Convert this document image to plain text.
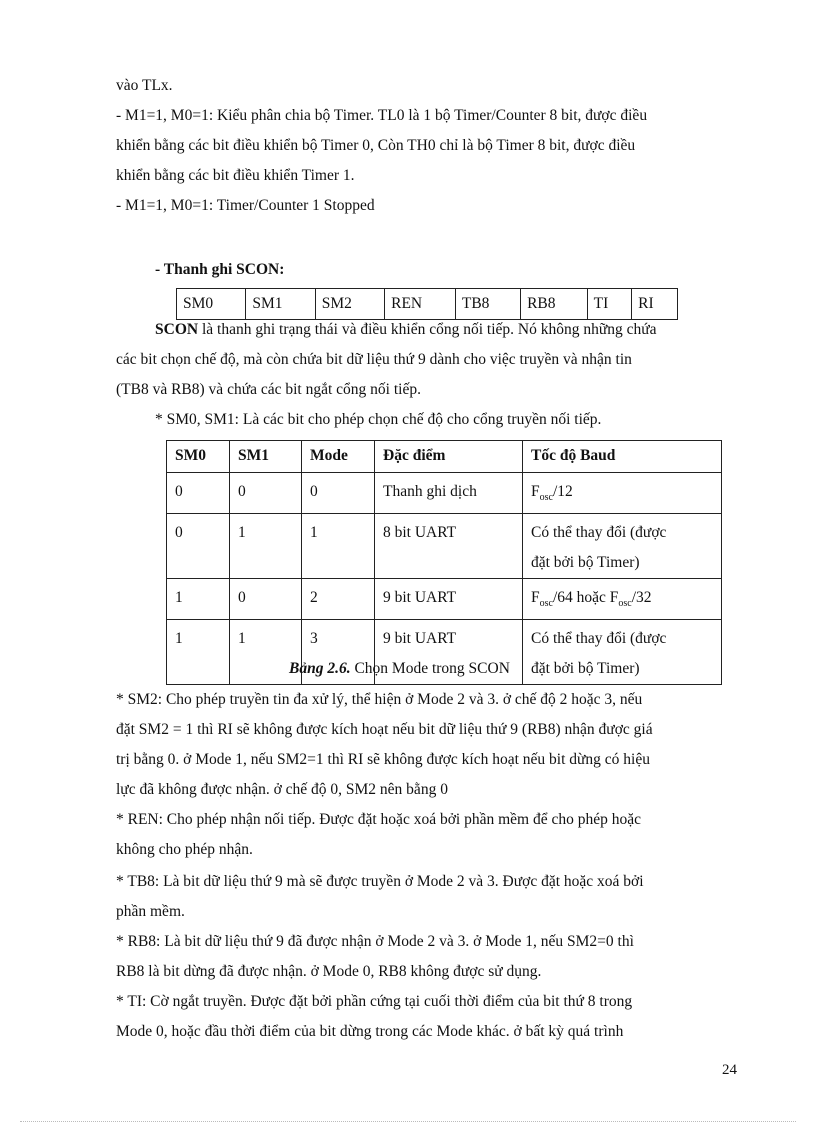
vào TLx.
- M1=1, M0=1: Kiểu phân chia bộ Timer. TL0 là 1 bộ Timer/Counter 8 bit, được điều
khiển bằng các bit điều khiển bộ Timer 0, Còn TH0 chỉ là bộ Timer 8 bit, được điều
khiển bằng các bit điều khiển Timer 1.
- M1=1, M0=1: Timer/Counter 1 Stopped
- Thanh ghi SCON:
SM0	SM1	SM2	REN	TB8	RB8	TI	RI
SCON là thanh ghi trạng thái và điều khiển cổng nối tiếp. Nó không những chứa
các bit chọn chế độ, mà còn chứa bit dữ liệu thứ 9 dành cho việc truyền và nhận tin
(TB8 và RB8) và chứa các bit ngắt cổng nối tiếp.
* SM0, SM1: Là các bit cho phép chọn chế độ cho cổng truyền nối tiếp.
SM0	SM1	Mode	Đặc điểm	Tốc độ Baud
0	0	0	Thanh ghi dịch	$F_{osc}/12$
0	1	1	8 bit UART	Có thể thay đổi (được
đặt bởi bộ Timer)
1	0	2	9 bit UART	$F_{osc}/64$ hoặc $F_{osc}/32$
1	1	3	9 bit UART	Có thể thay đổi (được
đặt bởi bộ Timer)
Bảng 2.6. Chọn Mode trong SCON
* SM2: Cho phép truyền tin đa xử lý, thể hiện ở Mode 2 và 3. ở chế độ 2 hoặc 3, nếu
đặt SM2 = 1 thì RI sẽ không được kích hoạt nếu bit dữ liệu thứ 9 (RB8) nhận được giá
trị bằng 0. ở Mode 1, nếu SM2=1 thì RI sẽ không được kích hoạt nếu bit dừng có hiệu
lực đã không được nhận. ở chế độ 0, SM2 nên bằng 0
* REN: Cho phép nhận nối tiếp. Được đặt hoặc xoá bởi phần mềm để cho phép hoặc
không cho phép nhận.
* TB8: Là bit dữ liệu thứ 9 mà sẽ được truyền ở Mode 2 và 3. Được đặt hoặc xoá bởi
phần mềm.
* RB8: Là bit dữ liệu thứ 9 đã được nhận ở Mode 2 và 3. ở Mode 1, nếu SM2=0 thì
RB8 là bit dừng đã được nhận. ở Mode 0, RB8 không được sử dụng.
* TI: Cờ ngắt truyền. Được đặt bởi phần cứng tại cuối thời điểm của bit thứ 8 trong
Mode 0, hoặc đầu thời điểm của bit dừng trong các Mode khác. ở bất kỳ quá trình
24
